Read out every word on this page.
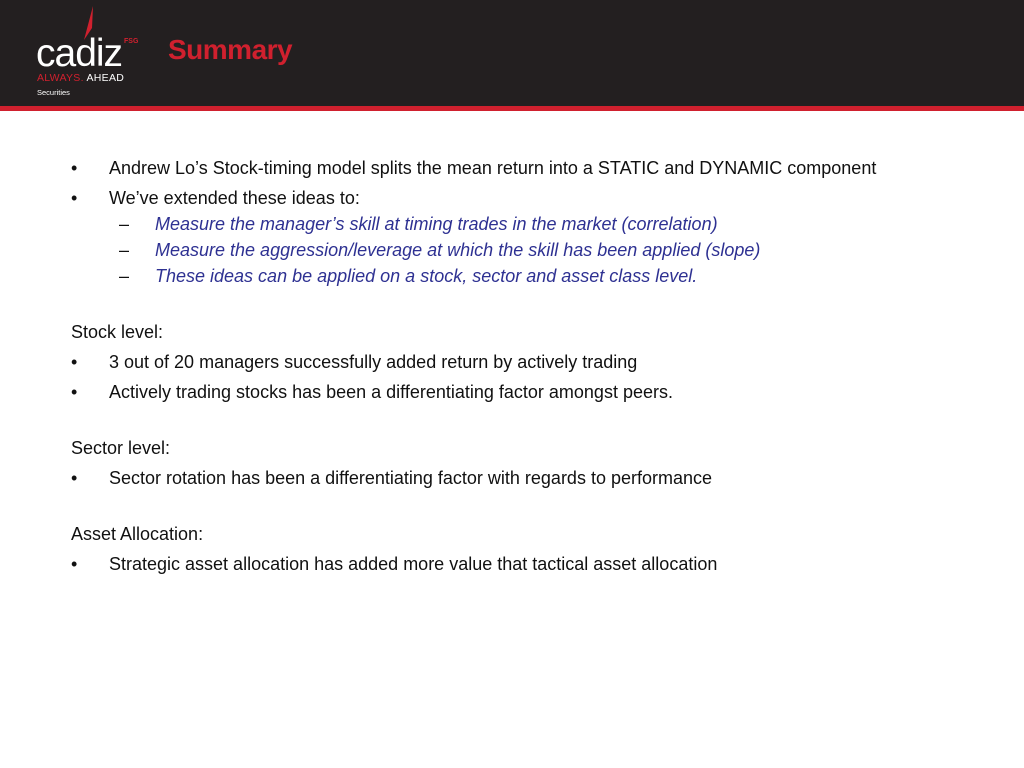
cadiz FSG
ALWAYS. AHEAD
Securities
Summary
•	Andrew Lo’s Stock-timing model splits the mean return into a STATIC and DYNAMIC component
•	We’ve extended these ideas to:
–	Measure the manager’s skill at timing trades in the market (correlation)
–	Measure the aggression/leverage at which the skill has been applied (slope)
–	These ideas can be applied on a stock, sector and asset class level.
Stock level:
•	3 out of 20 managers successfully added return by actively trading
•	Actively trading stocks has been a differentiating factor amongst peers.
Sector level:
•	Sector rotation has been a differentiating factor with regards to performance
Asset Allocation:
•	Strategic asset allocation has added more value that tactical asset allocation
